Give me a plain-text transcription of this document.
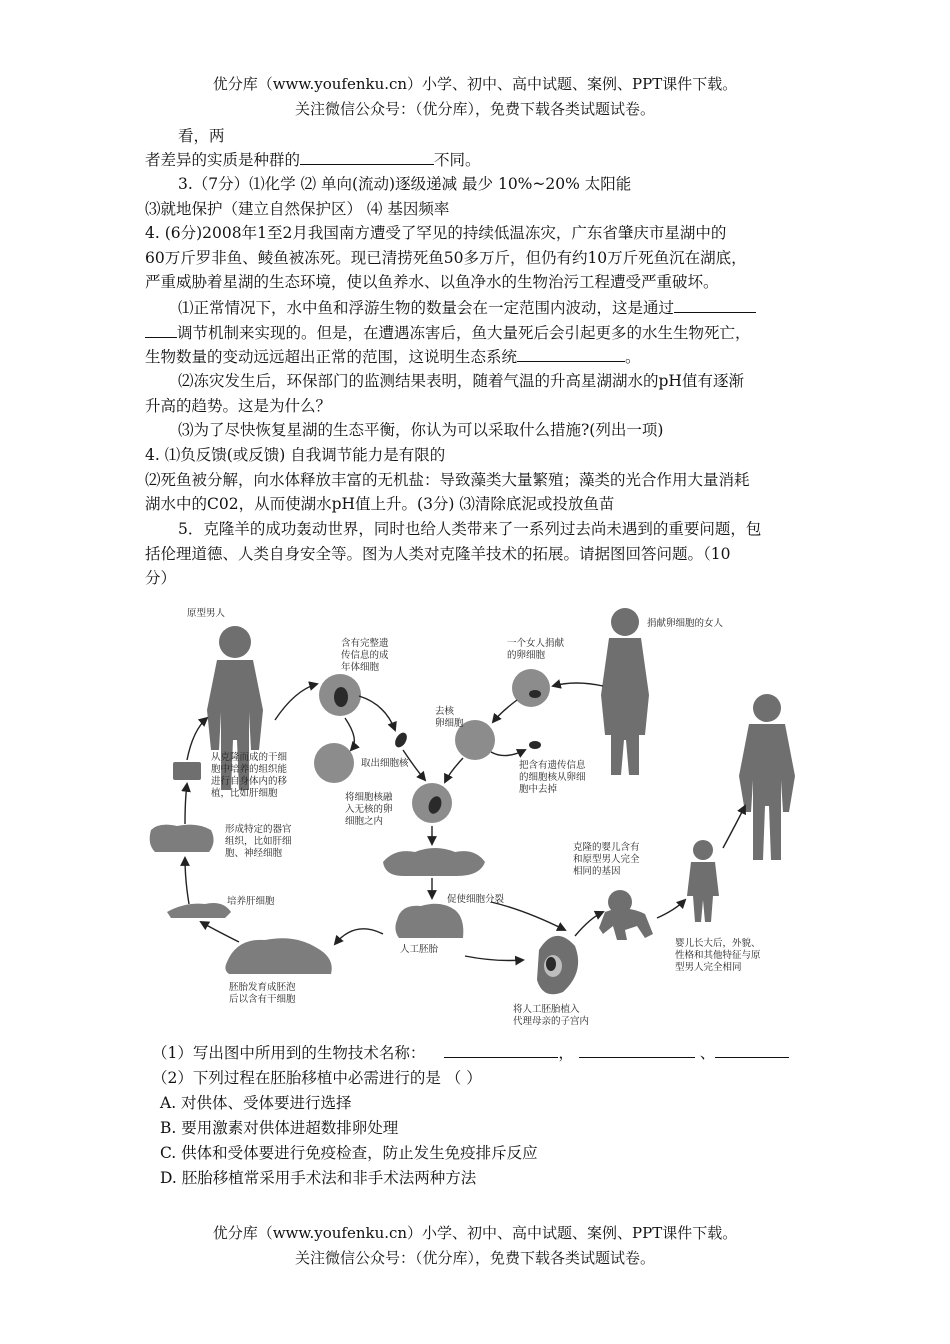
优分库（www.youfenku.cn）小学、初中、高中试题、案例、PPT课件下载。
关注微信公众号：（优分库），免费下载各类试题试卷。
看，两
者差异的实质是种群的	不同。
3.（7分）⑴化学 ⑵ 单向(流动)逐级递减 最少 10%~20% 太阳能
⑶就地保护（建立自然保护区） ⑷ 基因频率
4. (6分)2008年1至2月我国南方遭受了罕见的持续低温冻灾，广东省肇庆市星湖中的
60万斤罗非鱼、鲮鱼被冻死。现已清捞死鱼50多万斤，但仍有约10万斤死鱼沉在湖底，
严重威胁着星湖的生态环境，使以鱼养水、以鱼净水的生物治污工程遭受严重破坏。
⑴正常情况下，水中鱼和浮游生物的数量会在一定范围内波动，这是通过
调节机制来实现的。但是，在遭遇冻害后，鱼大量死后会引起更多的水生生物死亡，
生物数量的变动远远超出正常的范围，这说明生态系统	。
⑵冻灾发生后，环保部门的监测结果表明，随着气温的升高星湖湖水的pH值有逐渐
升高的趋势。这是为什么？
⑶为了尽快恢复星湖的生态平衡，你认为可以采取什么措施?(列出一项)
4. ⑴负反馈(或反馈) 自我调节能力是有限的
⑵死鱼被分解，向水体释放丰富的无机盐：导致藻类大量繁殖；藻类的光合作用大量消耗
湖水中的C02，从而使湖水pH值上升。(3分) ⑶清除底泥或投放鱼苗
5．克隆羊的成功轰动世界，同时也给人类带来了一系列过去尚未遇到的重要问题，包
括伦理道德、人类自身安全等。图为人类对克隆羊技术的拓展。请据图回答问题。（10
分）
原型男人
捐献卵细胞的女人
含有完整遗 传信息的成 年体细胞
取出细胞核
一个女人捐献 的卵细胞
去核 卵细胞
把含有遗传信息 的细胞核从卵细 胞中去掉
将细胞核融 入无核的卵 细胞之内
促使细胞分裂
人工胚胎
胚胎发育成胚泡 后以含有干细胞
培养肝细胞
形成特定的器官 组织，比如肝细 胞、神经细胞
从克隆而成的干细 胞中培养的组织能 进行自身体内的移 植，比如肝细胞
将人工胚胎植入 代理母亲的子宫内
克隆的婴儿含有 和原型男人完全 相同的基因
婴儿长大后，外貌、 性格和其他特征与原 型男人完全相同
（1）写出图中所用到的生物技术名称：	，	、
（2）下列过程在胚胎移植中必需进行的是 （ ）
A. 对供体、受体要进行选择
B. 要用激素对供体进超数排卵处理
C. 供体和受体要进行免疫检查，防止发生免疫排斥反应
D. 胚胎移植常采用手术法和非手术法两种方法
优分库（www.youfenku.cn）小学、初中、高中试题、案例、PPT课件下载。
关注微信公众号：（优分库），免费下载各类试题试卷。
